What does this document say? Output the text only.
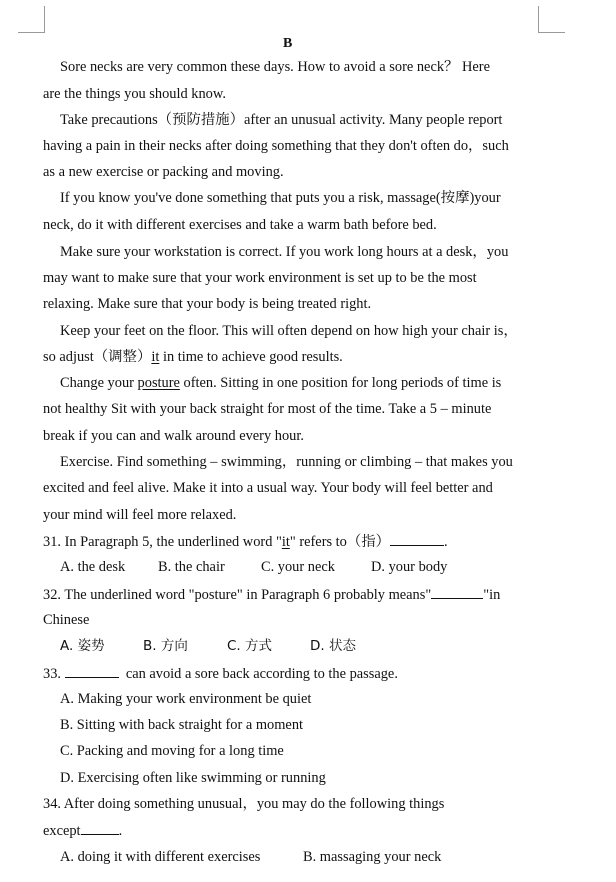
B
Sore necks are very common these days. How to avoid a sore neck？ Here
are the things you should know.
Take precautions（预防措施）after an unusual activity. Many people report
having a pain in their necks after doing something that they don't often do，such
as a new exercise or packing and moving.
If you know you've done something that puts you a risk, massage(按摩)your
neck, do it with different exercises and take a warm bath before bed.
Make sure your workstation is correct. If you work long hours at a desk，you
may want to make sure that your work environment is set up to be the most
relaxing. Make sure that your body is being treated right.
Keep your feet on the floor. This will often depend on how high your chair is，
so adjust（调整）it in time to achieve good results.
Change your posture often. Sitting in one position for long periods of time is
not healthy Sit with your back straight for most of the time. Take a 5 – minute
break if you can and walk around every hour.
Exercise. Find something – swimming，running or climbing – that makes you
excited and feel alive. Make it into a usual way. Your body will feel better and
your mind will feel more relaxed.
31. In Paragraph 5, the underlined word "it" refers to（指）	.
A. the desk B. the chair	C. your neck	D. your body
32. The underlined word "posture" in Paragraph 6 probably means"	"in
Chinese
A. 姿势	B. 方向	C. 方式	D. 状态
33.	can avoid a sore back according to the passage.
A. Making your work environment be quiet
B. Sitting with back straight for a moment
C. Packing and moving for a long time
D. Exercising often like swimming or running
34. After doing something unusual，you may do the following things
except	.
A. doing it with different exercises	B. massaging your neck
